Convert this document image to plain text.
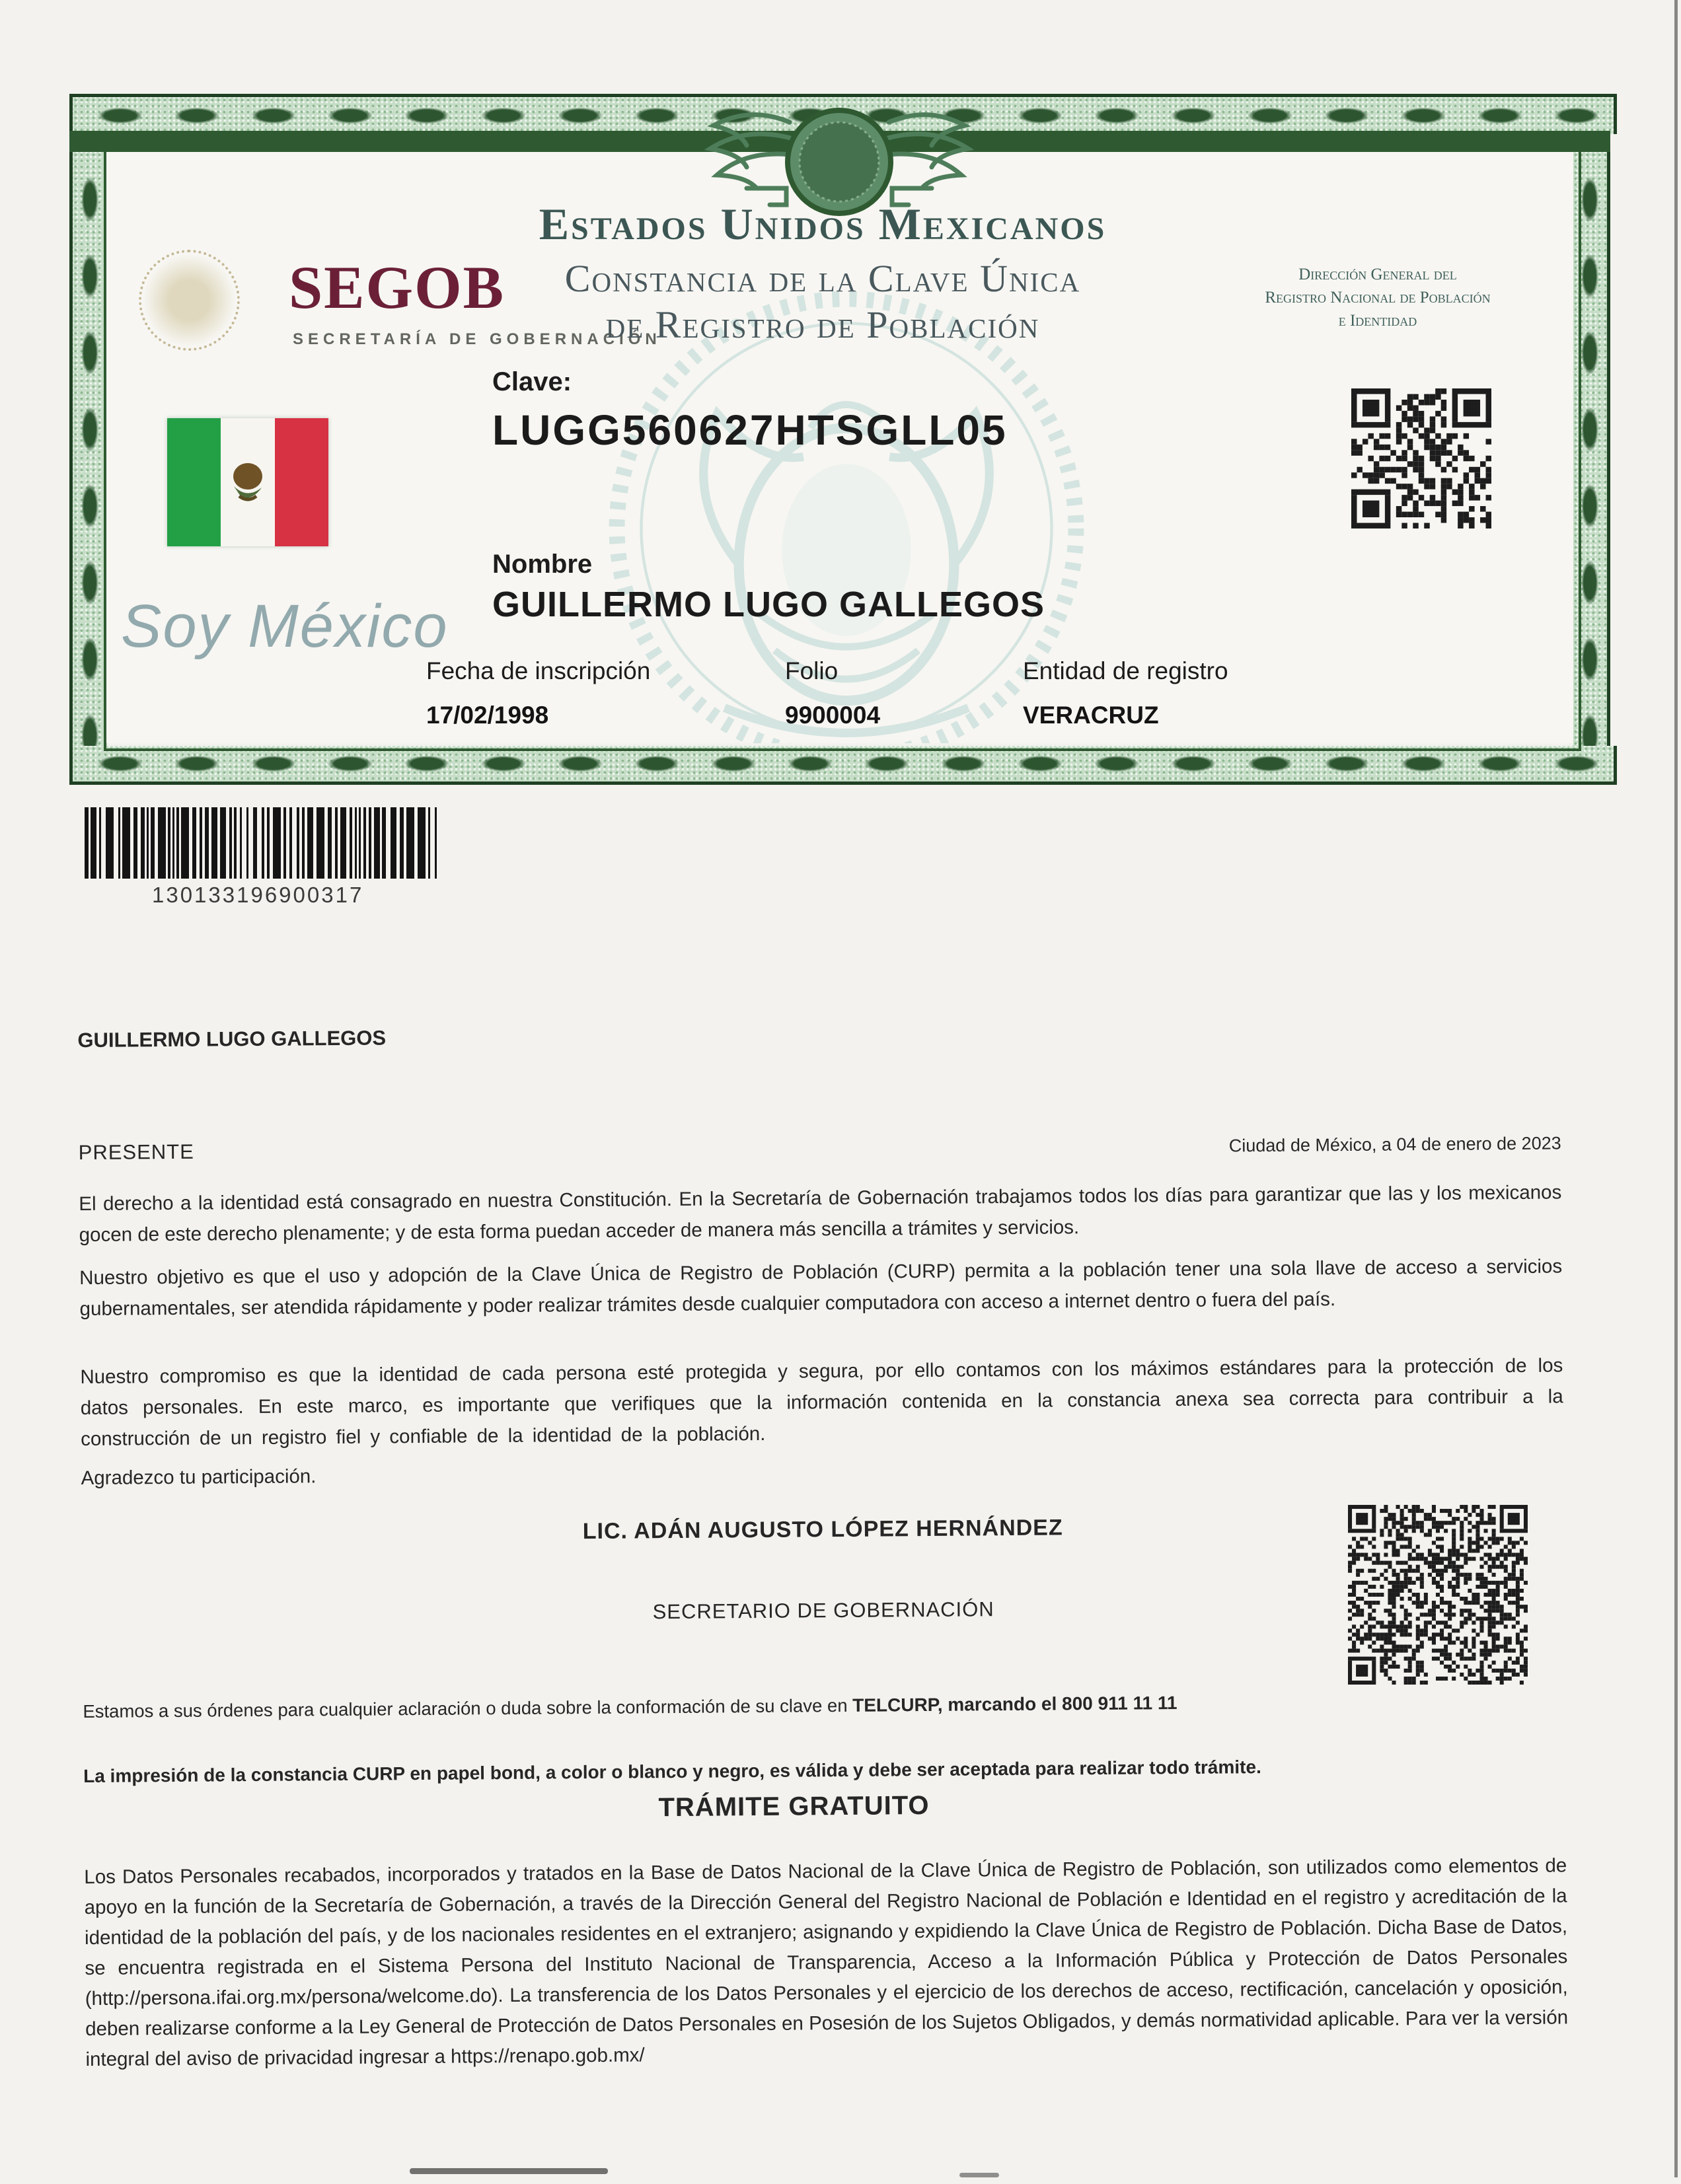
SEGOB
SECRETARÍA DE GOBERNACIÓN
Estados Unidos Mexicanos
Constancia de la Clave Única
de Registro de Población
Dirección General del
Registro Nacional de Población
e Identidad
Clave:
LUGG560627HTSGLL05
Nombre
GUILLERMO LUGO GALLEGOS
Soy México
Fecha de inscripción
17/02/1998
Folio
9900004
Entidad de registro
VERACRUZ
130133196900317

GUILLERMO LUGO GALLEGOS

PRESENTE	Ciudad de México, a 04 de enero de 2023

El derecho a la identidad está consagrado en nuestra Constitución. En la Secretaría de Gobernación trabajamos todos los días para garantizar que las y los mexicanos gocen de este derecho plenamente; y de esta forma puedan acceder de manera más sencilla a trámites y servicios.

Nuestro objetivo es que el uso y adopción de la Clave Única de Registro de Población (CURP) permita a la población tener una sola llave de acceso a servicios gubernamentales, ser atendida rápidamente y poder realizar trámites desde cualquier computadora con acceso a internet dentro o fuera del país.

Nuestro compromiso es que la identidad de cada persona esté protegida y segura, por ello contamos con los máximos estándares para la protección de los datos personales. En este marco, es importante que verifiques que la información contenida en la constancia anexa sea correcta para contribuir a la construcción de un registro fiel y confiable de la identidad de la población.

Agradezco tu participación.

LIC. ADÁN AUGUSTO LÓPEZ HERNÁNDEZ

SECRETARIO DE GOBERNACIÓN

Estamos a sus órdenes para cualquier aclaración o duda sobre la conformación de su clave en TELCURP, marcando el 800 911 11 11

La impresión de la constancia CURP en papel bond, a color o blanco y negro, es válida y debe ser aceptada para realizar todo trámite.

TRÁMITE GRATUITO

Los Datos Personales recabados, incorporados y tratados en la Base de Datos Nacional de la Clave Única de Registro de Población, son utilizados como elementos de apoyo en la función de la Secretaría de Gobernación, a través de la Dirección General del Registro Nacional de Población e Identidad en el registro y acreditación de la identidad de la población del país, y de los nacionales residentes en el extranjero; asignando y expidiendo la Clave Única de Registro de Población. Dicha Base de Datos, se encuentra registrada en el Sistema Persona del Instituto Nacional de Transparencia, Acceso a la Información Pública y Protección de Datos Personales (http://persona.ifai.org.mx/persona/welcome.do). La transferencia de los Datos Personales y el ejercicio de los derechos de acceso, rectificación, cancelación y oposición, deben realizarse conforme a la Ley General de Protección de Datos Personales en Posesión de los Sujetos Obligados, y demás normatividad aplicable. Para ver la versión integral del aviso de privacidad ingresar a https://renapo.gob.mx/
